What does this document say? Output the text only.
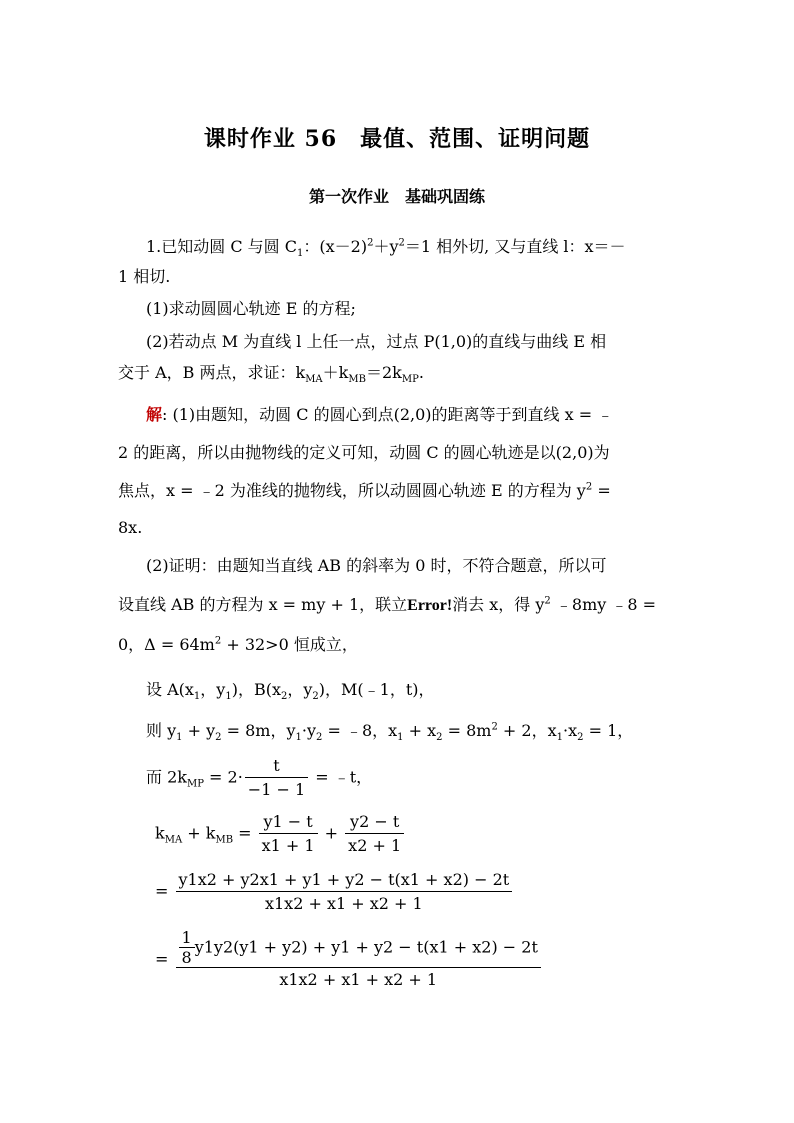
课时作业 56　最值、范围、证明问题
第一次作业　基础巩固练
1.已知动圆 C 与圆 $C_1$：$(x-2)^2+y^2=1$ 相外切, 又与直线 l：x＝－
1 相切.
(1)求动圆圆心轨迹 E 的方程;
(2)若动点 M 为直线 l 上任一点，过点 P(1,0)的直线与曲线 E 相
交于 A，B 两点，求证：$k_{MA}+k_{MB}=2k_{MP}$.
解: (1)由题知，动圆 C 的圆心到点(2,0)的距离等于到直线 x = ﹣
2 的距离，所以由抛物线的定义可知，动圆 C 的圆心轨迹是以(2,0)为
焦点，x = ﹣2 为准线的抛物线，所以动圆圆心轨迹 E 的方程为 $y^2$ =
8x.
(2)证明：由题知当直线 AB 的斜率为 0 时，不符合题意，所以可
设直线 AB 的方程为 x = my + 1，联立Error!消去 x，得 $y^2$ ﹣8my ﹣8 =
0，$\Delta = 64m^2 + 32>0$ 恒成立，
设 $A(x_1$，$y_1$)，$B(x_2$，$y_2$)，M(﹣1，t)，
则 $y_1 + y_2 = 8m$，$y_1\cdot y_2$ = ﹣8，$x_1 + x_2 = 8m^2 + 2$，$x_1\cdot x_2 = 1$，
而 $2k_{MP} = 2\cdot \frac{t}{-1 - 1}$ = ﹣t，
$k_{MA} + k_{MB} = \frac{y1 - t}{x1 + 1} + \frac{y2 - t}{x2 + 1}$
= $\frac{y1x2 + y2x1 + y1 + y2 - t(x1 + x2) - 2t}{x1x2 + x1 + x2 + 1}$
= $\frac{\frac{1}{8} y1y2(y1 + y2) + y1 + y2 - t(x1 + x2) - 2t}{x1x2 + x1 + x2 + 1}$
